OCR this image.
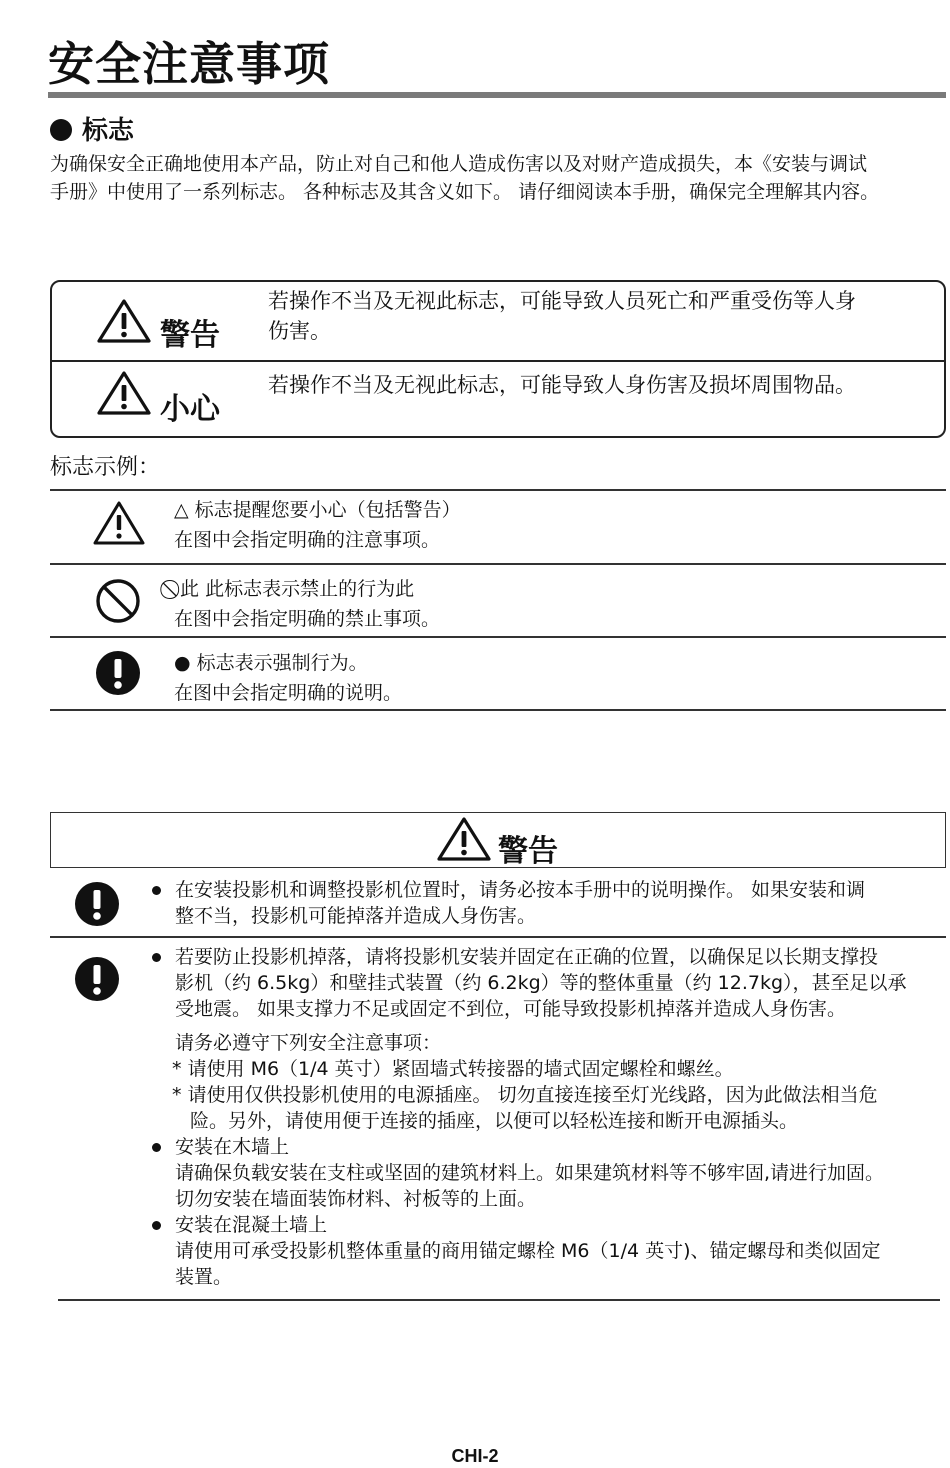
安全注意事项
标志

为确保安全正确地使用本产品，防止对自己和他人造成伤害以及对财产造成损失，本《安装与调试

手册》中使用了一系列标志。 各种标志及其含义如下。 请仔细阅读本手册，确保完全理解其内容。

警告

若操作不当及无视此标志，可能导致人员死亡和严重受伤等人身

伤害。

小心

若操作不当及无视此标志，可能导致人身伤害及损坏周围物品。

标志示例：

△ 标志提醒您要小心（包括警告）

在图中会指定明确的注意事项。

⃠ 此 此标志表示禁止的行为此

在图中会指定明确的禁止事项。

● 标志表示强制行为。

在图中会指定明确的说明。

警告

在安装投影机和调整投影机位置时，请务必按本手册中的说明操作。 如果安装和调

整不当，投影机可能掉落并造成人身伤害。

若要防止投影机掉落，请将投影机安装并固定在正确的位置，以确保足以长期支撑投

影机（约 6.5kg）和壁挂式装置（约 6.2kg）等的整体重量（约 12.7kg），甚至足以承

受地震。 如果支撑力不足或固定不到位，可能导致投影机掉落并造成人身伤害。

请务必遵守下列安全注意事项：

* 请使用 M6（1/4 英寸）紧固墙式转接器的墙式固定螺栓和螺丝。

* 请使用仅供投影机使用的电源插座。 切勿直接连接至灯光线路，因为此做法相当危

险。另外，请使用便于连接的插座，以便可以轻松连接和断开电源插头。

安装在木墙上

请确保负载安装在支柱或坚固的建筑材料上。如果建筑材料等不够牢固,请进行加固。

切勿安装在墙面装饰材料、衬板等的上面。

安装在混凝土墙上

请使用可承受投影机整体重量的商用锚定螺栓 M6（1/4 英寸)、锚定螺母和类似固定

装置。

CHI-2
